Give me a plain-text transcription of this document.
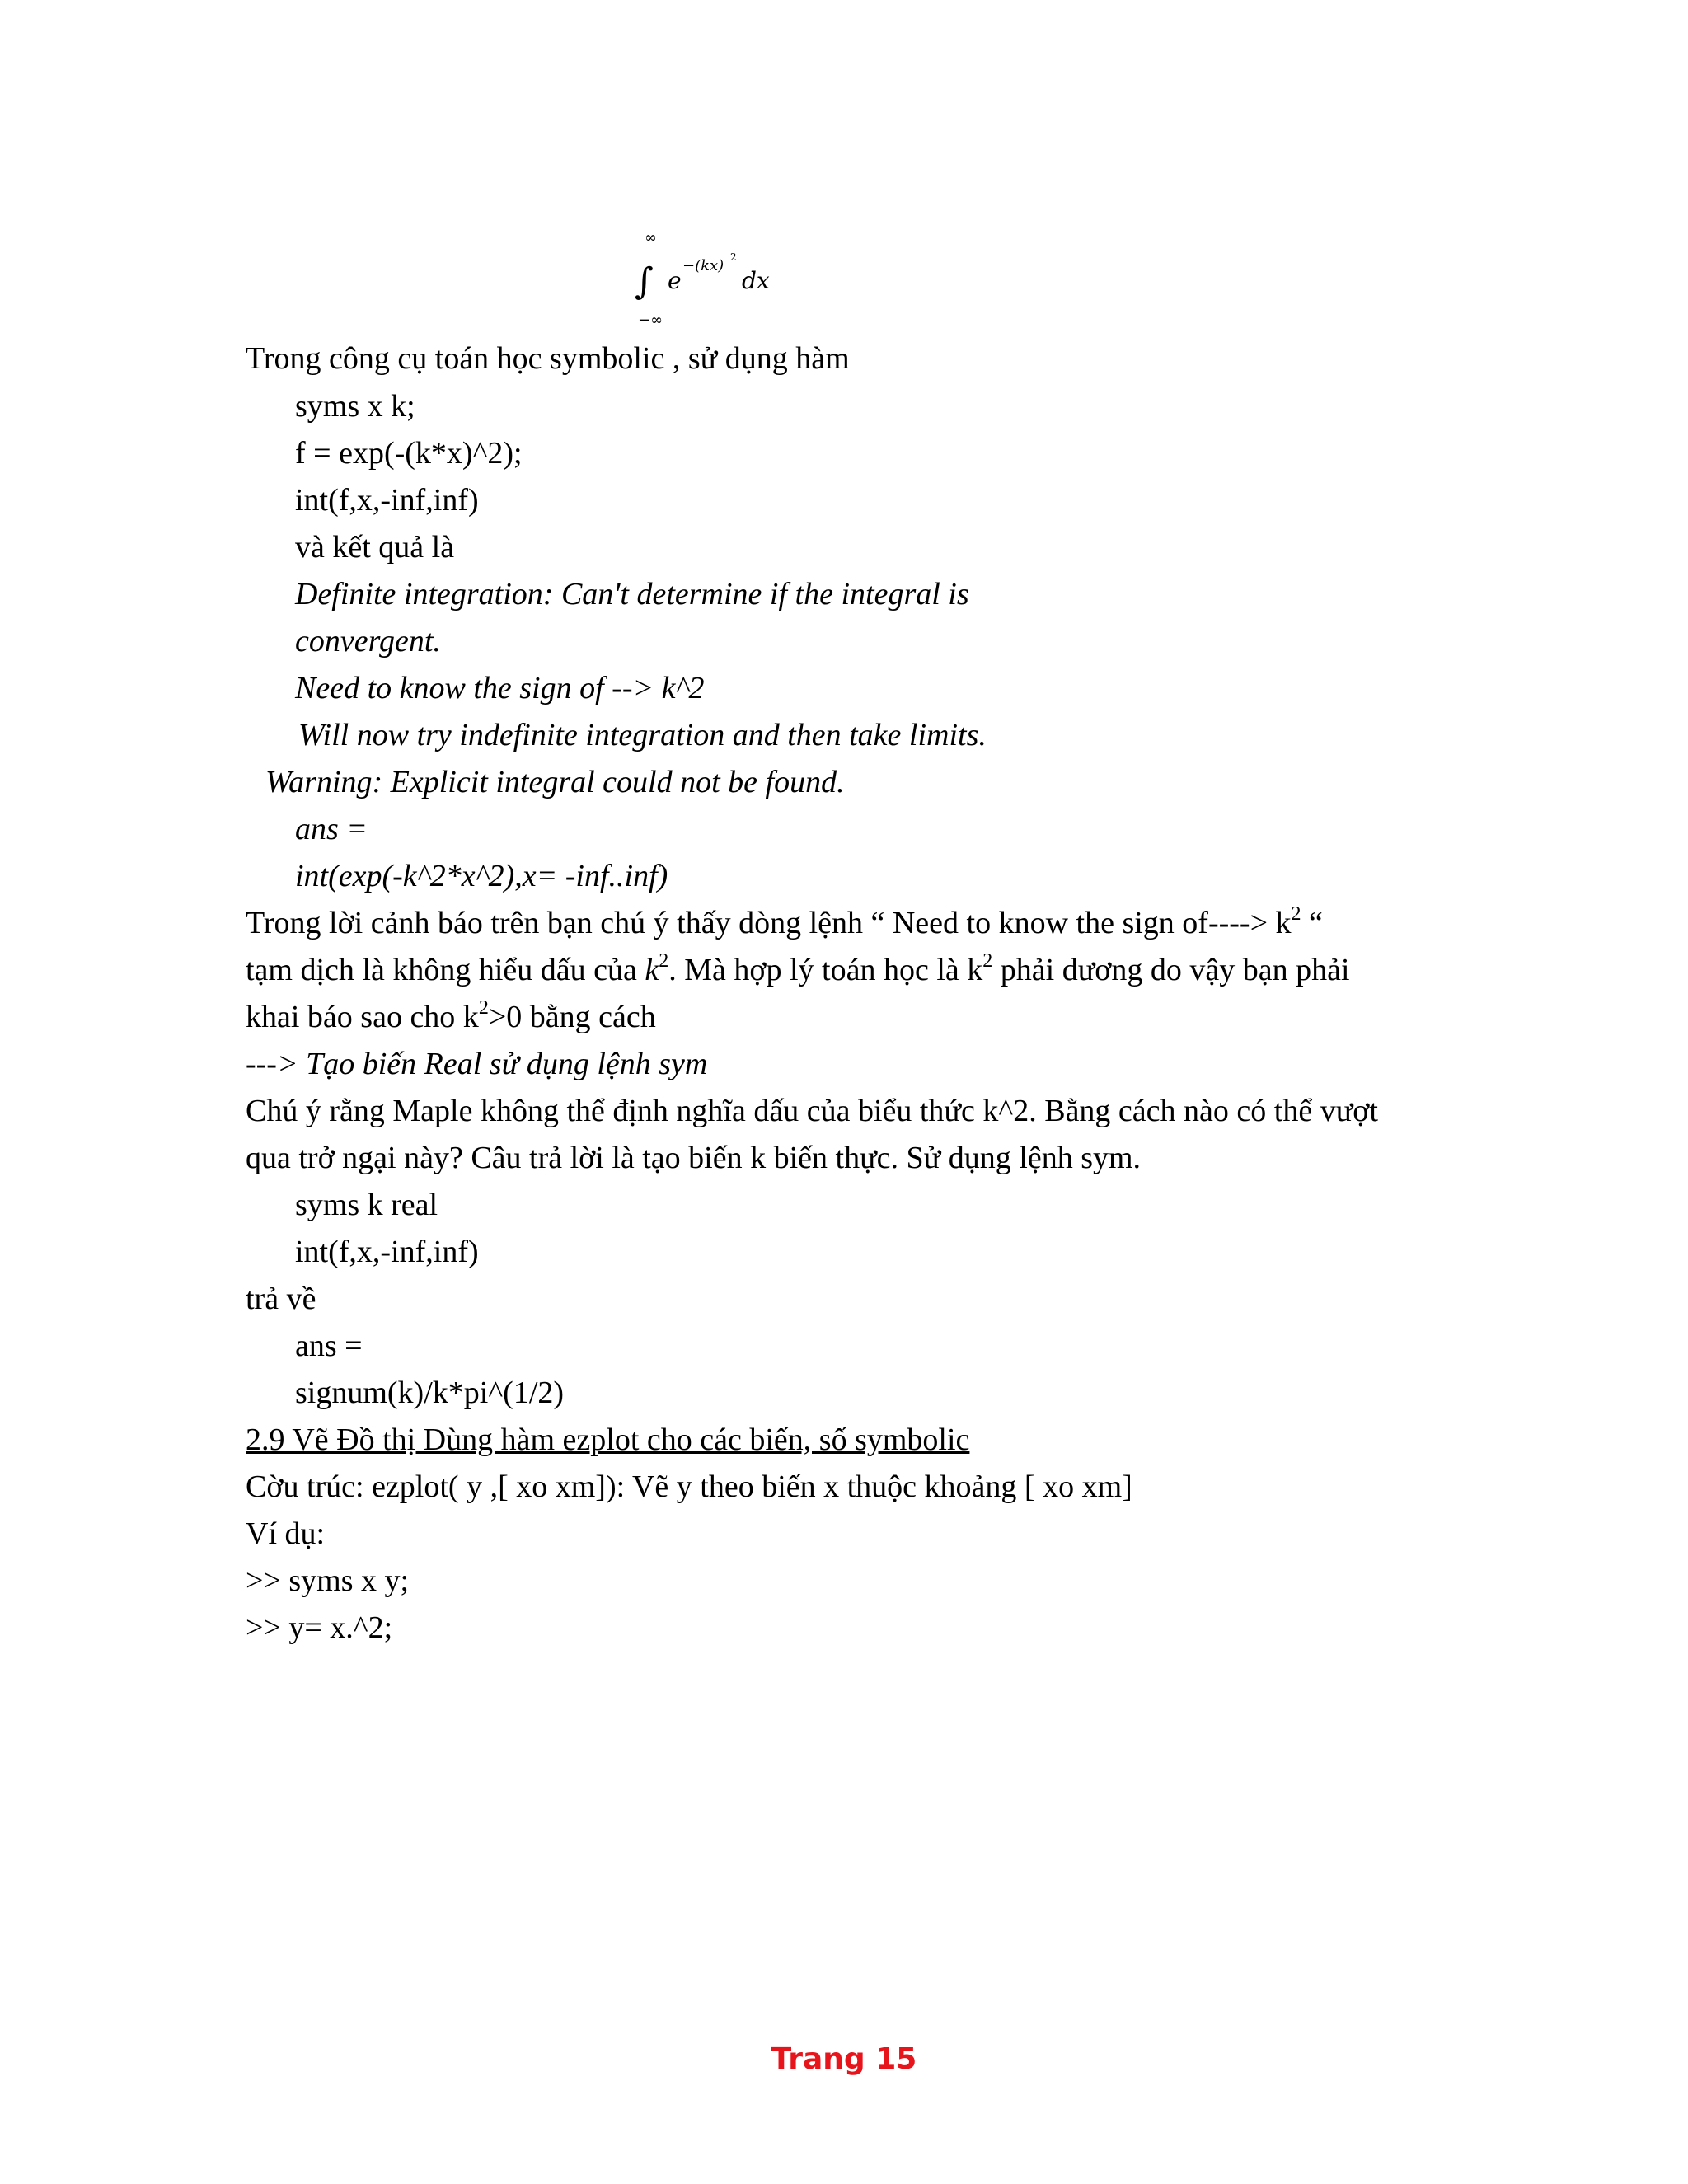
∞
∫
−∞
e
−(kx) 2
dx
Trong công cụ toán học symbolic , sử dụng hàm
syms x k;
f = exp(-(k*x)^2);
int(f,x,-inf,inf)
và kết quả là
Definite integration: Can't determine if the integral is
convergent.
Need to know the sign of --> k^2
Will now try indefinite integration and then take limits.
Warning: Explicit integral could not be found.
ans =
int(exp(-k^2*x^2),x= -inf..inf)
Trong lời cảnh báo trên bạn chú ý thấy dòng lệnh “ Need to know the sign $of----> k^2$ “
tạm dịch là không hiểu dấu của $k^2$. Mà hợp lý toán học là $k^2$ phải dương do vậy bạn phải
khai báo sao cho $k^2>0$ bằng cách
---> Tạo biến Real sử dụng lệnh sym
Chú ý rằng Maple không thể định nghĩa dấu của biểu thức k^2. Bằng cách nào có thể vượt
qua trở ngại này? Câu trả lời là tạo biến k biến thực. Sử dụng lệnh sym.
syms k real
int(f,x,-inf,inf)
trả về
ans =
signum(k)/k*pi^(1/2)
2.9 Vẽ Đồ thị Dùng hàm ezplot cho các biến, số symbolic
Cờu trúc: ezplot( y ,[ xo xm]): Vẽ y theo biến x thuộc khoảng [ xo xm]
Ví dụ:
>> syms x y;
>> y= x.^2;
Trang 15
